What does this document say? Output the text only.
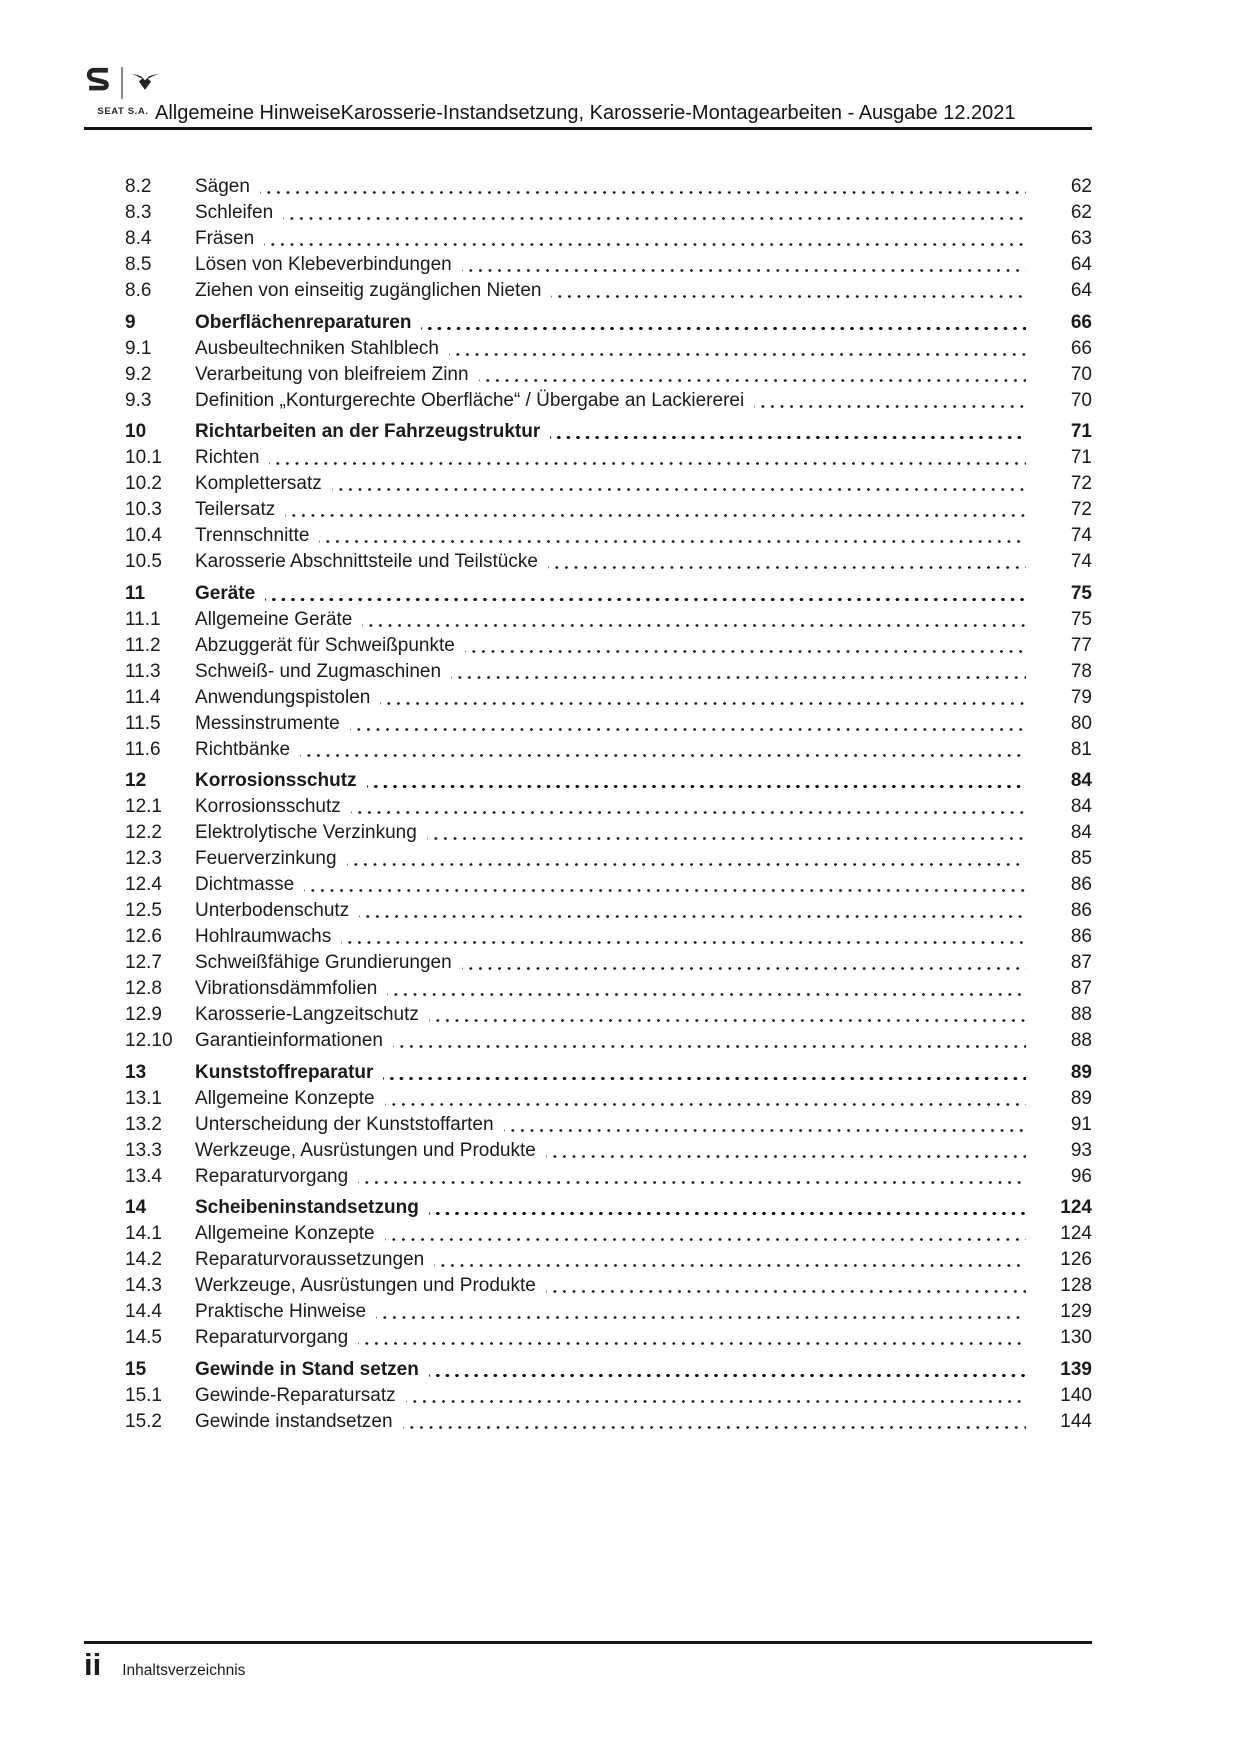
SEAT S.A. Allgemeine HinweiseKarosserie-Instandsetzung, Karosserie-Montagearbeiten - Ausgabe 12.2021
8.2	Sägen	62
8.3	Schleifen	62
8.4	Fräsen	63
8.5	Lösen von Klebeverbindungen	64
8.6	Ziehen von einseitig zugänglichen Nieten	64
9	Oberflächenreparaturen	66
9.1	Ausbeultechniken Stahlblech	66
9.2	Verarbeitung von bleifreiem Zinn	70
9.3	Definition „Konturgerechte Oberfläche“ / Übergabe an Lackiererei	70
10	Richtarbeiten an der Fahrzeugstruktur	71
10.1	Richten	71
10.2	Komplettersatz	72
10.3	Teilersatz	72
10.4	Trennschnitte	74
10.5	Karosserie Abschnittsteile und Teilstücke	74
11	Geräte	75
11.1	Allgemeine Geräte	75
11.2	Abzuggerät für Schweißpunkte	77
11.3	Schweiß- und Zugmaschinen	78
11.4	Anwendungspistolen	79
11.5	Messinstrumente	80
11.6	Richtbänke	81
12	Korrosionsschutz	84
12.1	Korrosionsschutz	84
12.2	Elektrolytische Verzinkung	84
12.3	Feuerverzinkung	85
12.4	Dichtmasse	86
12.5	Unterbodenschutz	86
12.6	Hohlraumwachs	86
12.7	Schweißfähige Grundierungen	87
12.8	Vibrationsdämmfolien	87
12.9	Karosserie-Langzeitschutz	88
12.10	Garantieinformationen	88
13	Kunststoffreparatur	89
13.1	Allgemeine Konzepte	89
13.2	Unterscheidung der Kunststoffarten	91
13.3	Werkzeuge, Ausrüstungen und Produkte	93
13.4	Reparaturvorgang	96
14	Scheibeninstandsetzung	124
14.1	Allgemeine Konzepte	124
14.2	Reparaturvoraussetzungen	126
14.3	Werkzeuge, Ausrüstungen und Produkte	128
14.4	Praktische Hinweise	129
14.5	Reparaturvorgang	130
15	Gewinde in Stand setzen	139
15.1	Gewinde-Reparatursatz	140
15.2	Gewinde instandsetzen	144
ii Inhaltsverzeichnis
